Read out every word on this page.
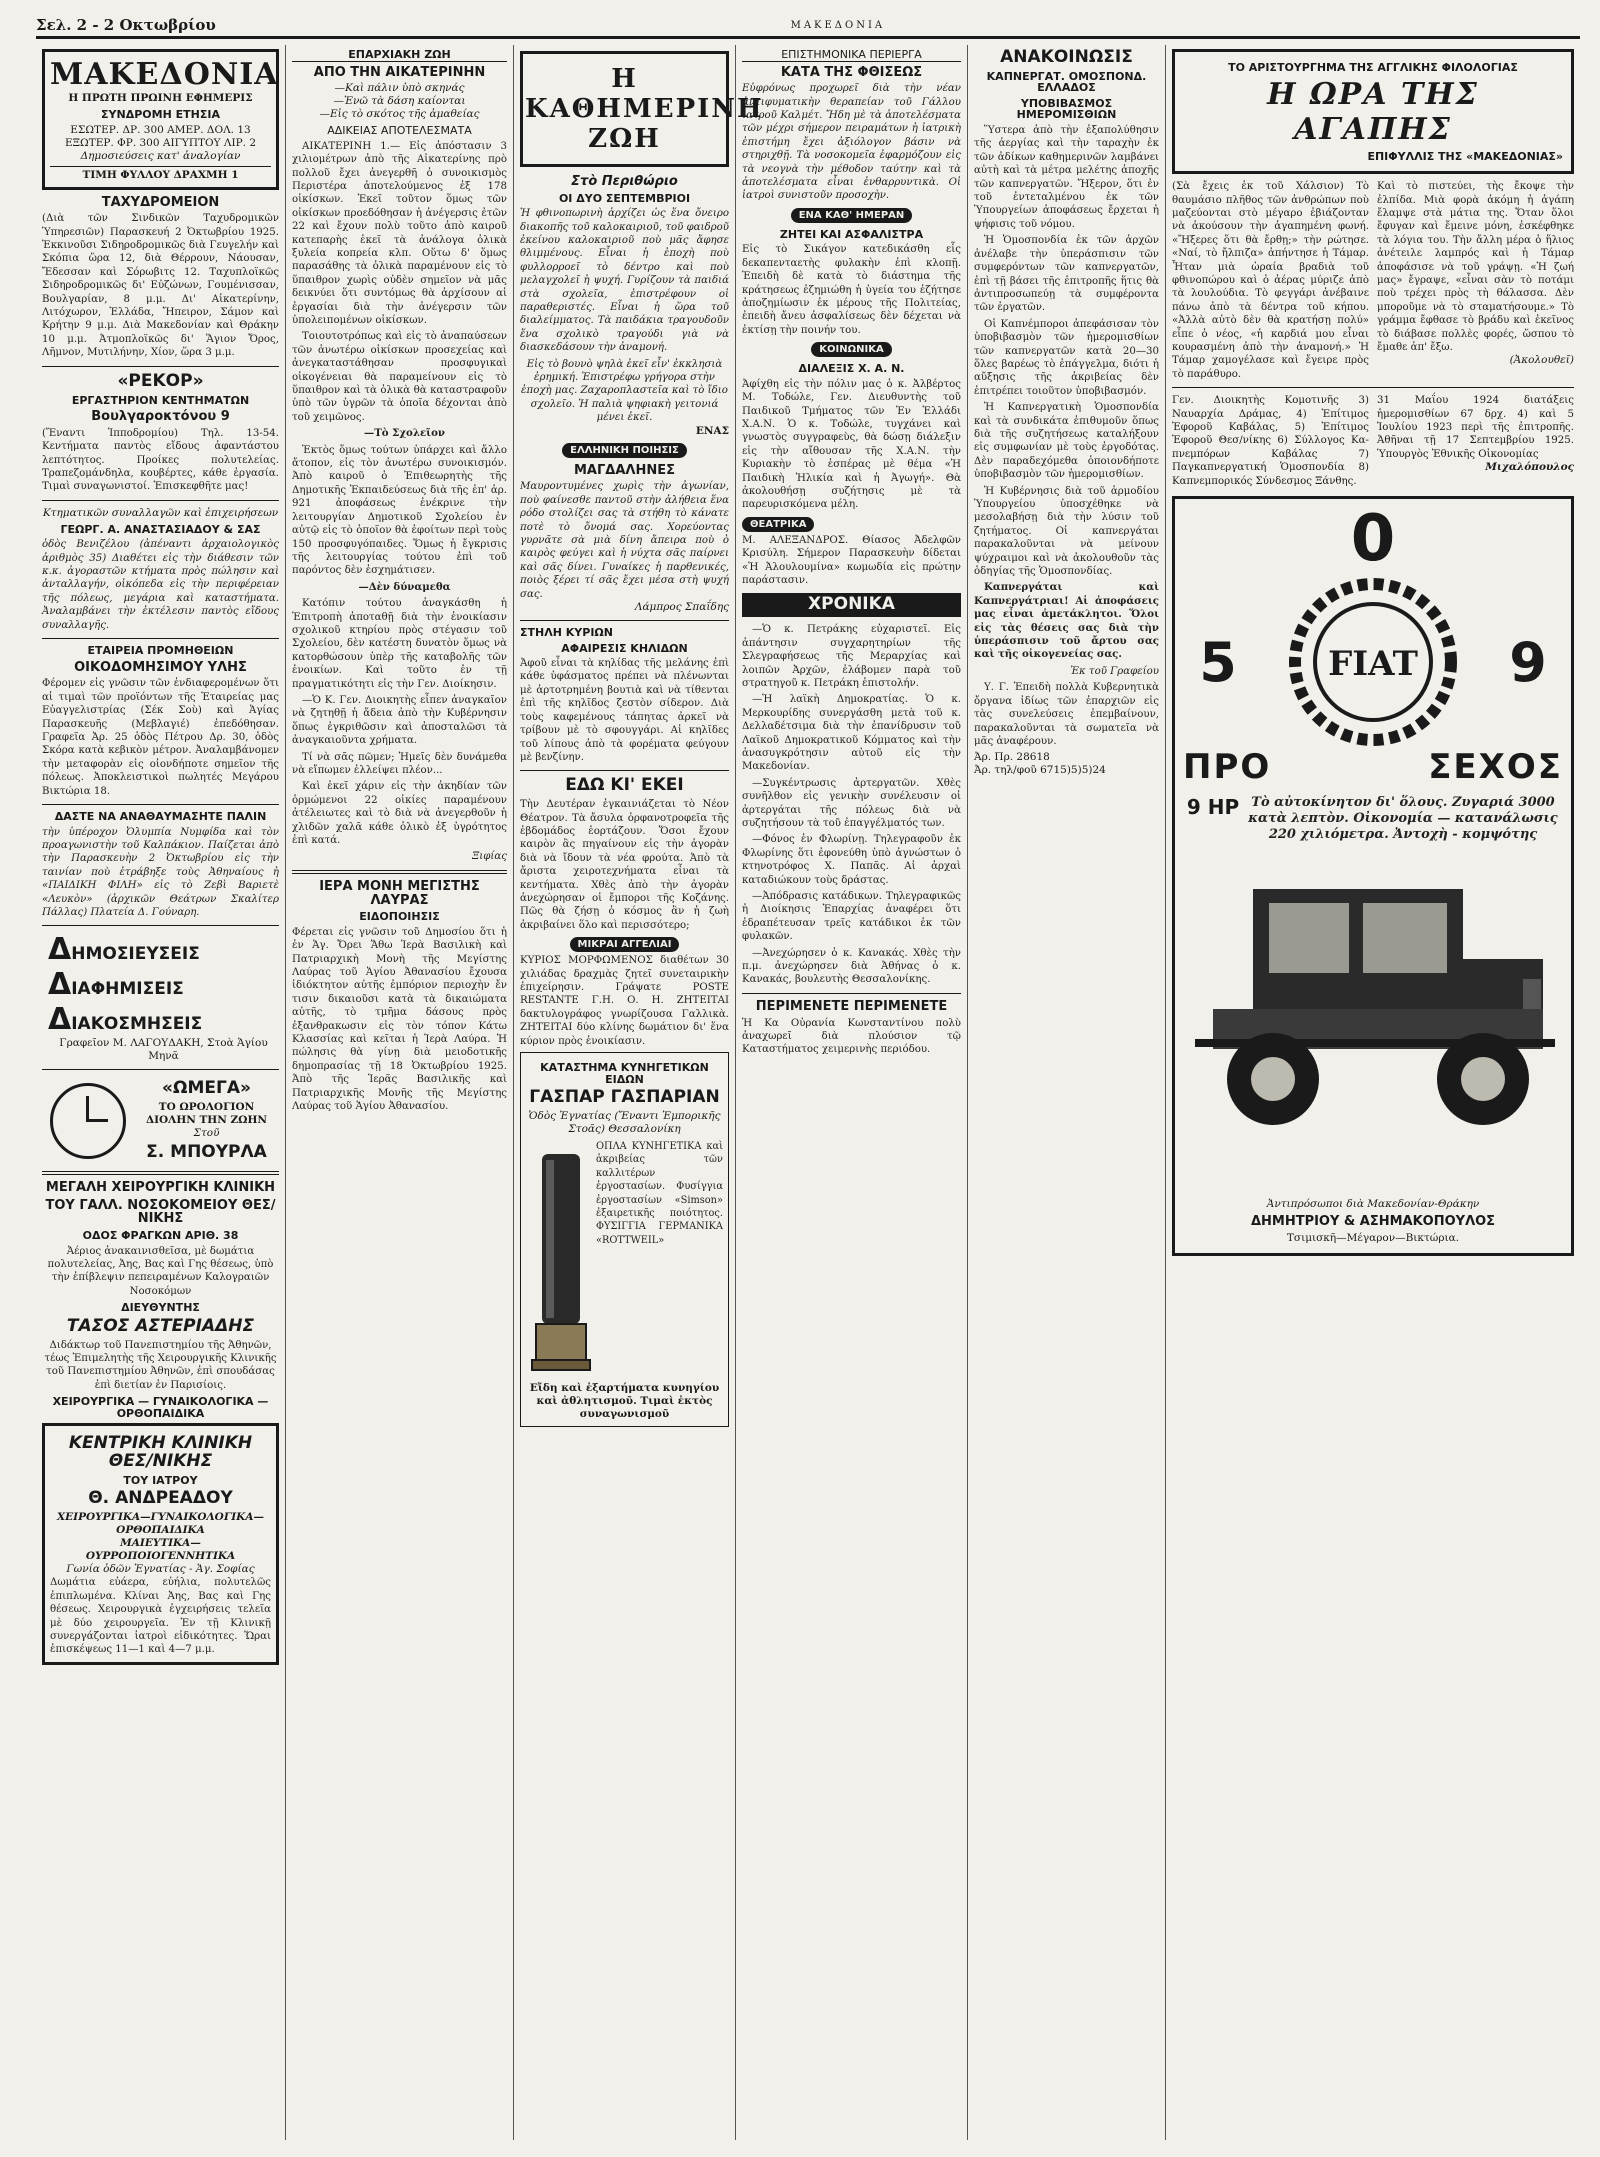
Σελ. 2 - 2 Οκτωβρίου	ΜΑΚΕΔΟΝΙΑ
ΜΑΚΕΔΟΝΙΑ
Η ΠΡΩΤΗ ΠΡΩΙΝΗ ΕΦΗΜΕΡΙΣ
ΣΥΝΔΡΟΜΗ ΕΤΗΣΙΑ
ΕΣΩΤΕΡ. ΔΡ. 300 ΑΜΕΡ. ΔΟΛ. 13
ΕΞΩΤΕΡ. ΦΡ. 300 ΑΙΓΥΠΤΟΥ ΛΙΡ. 2
Δημοσιεύσεις κατ' ἀναλογίαν
ΤΙΜΗ ΦΥΛΛΟΥ ΔΡΑΧΜΗ 1
ΤΑΧΥΔΡΟΜΕΙΟΝ
(Διὰ τῶν Σινδικῶν Ταχυδρομικῶν Ὑπηρεσιῶν) Παρασκευή 2 Ὀκτωβρίου 1925. Ἐκκινοῦσι Σιδηροδρομικῶς διὰ Γευγελήν καὶ Σκόπια ὥρα 12, διὰ Θέρρουν, Νάουσαν, Ἔδεσσαν καὶ Σόρωβιτς 12. Ταχυπλοϊκῶς Σιδηροδρομικῶς δι' Εὐζώνων, Γουμένισσαν, Βουλγαρίαν, 8 μ.μ. Δι' Αἰκατερίνην, Λιτόχωρον, Ἑλλάδα, Ἤπειρον, Σάμον καὶ Κρήτην 9 μ.μ. Διὰ Μακεδονίαν καὶ Θράκην 10 μ.μ. Ἀτμοπλοϊκῶς δι' Ἅγιον Ὄρος, Λῆμνον, Μυτιλήνην, Χίον, ὥρα 3 μ.μ.
«ΡΕΚΟΡ»
ΕΡΓΑΣΤΗΡΙΟΝ ΚΕΝΤΗΜΑΤΩΝ
Βουλγαροκτόνου 9
(Ἔναντι Ἱπποδρομίου) Τηλ. 13-54. Κεντήματα παντὸς εἴδους ἀφαντάστου λεπτότητος. Προίκες πολυτελείας. Τραπεζομάνδηλα, κουβέρτες, κάθε ἐργασία. Τιμαὶ συναγωνιστοί. Ἐπισκεφθῆτε μας!
Κτηματικῶν συναλλαγῶν καὶ ἐπιχειρήσεων
ΓΕΩΡΓ. Α. ΑΝΑΣΤΑΣΙΑΔΟΥ & ΣΑΣ
ὁδὸς Βενιζέλου (ἀπέναντι ἀρχαιολογικὸς ἀριθμὸς 35) Διαθέτει εἰς τὴν διάθεσιν τῶν κ.κ. ἀγοραστῶν κτήματα πρὸς πώλησιν καὶ ἀνταλλαγήν, οἰκόπεδα εἰς τὴν περιφέρειαν τῆς πόλεως, μεγάρια καὶ καταστήματα. Ἀναλαμβάνει τὴν ἐκτέλεσιν παντὸς εἴδους συναλλαγῆς.
ΕΤΑΙΡΕΙΑ ΠΡΟΜΗΘΕΙΩΝ
ΟΙΚΟΔΟΜΗΣΙΜΟΥ ΥΛΗΣ
Φέρομεν εἰς γνῶσιν τῶν ἐνδιαφερομένων ὅτι αἱ τιμαὶ τῶν προϊόντων τῆς Ἑταιρείας μας Εὐαγγελιστρίας (Σέκ Σοὺ) καὶ Ἁγίας Παρασκευῆς (Μεβλαγιέ) ἐπεδόθησαν. Γραφεῖα Ἀρ. 25 ὁδὸς Πέτρου Δρ. 30, ὁδὸς Σκόρα κατὰ κεβικὸν μέτρον. Ἀναλαμβάνομεν τὴν μεταφορὰν εἰς οἱονδήποτε σημεῖον τῆς πόλεως. Ἀποκλειστικοὶ πωλητές Μεγάρου Βικτώρια 18.
ΔΑΣΤΕ ΝΑ ΑΝΑΘΑΥΜΑΣΗΤΕ ΠΑΛΙΝ
τὴν ὑπέροχον Ὀλυμπία Νυμφίδα καὶ τὸν προαγωνιστὴν τοῦ Καλπάκιον. Παίζεται ἀπὸ τὴν Παρασκευὴν 2 Ὀκτωβρίου εἰς τὴν ταινίαν ποὺ ἐτράβηξε τοὺς Ἀθηναίους ἡ «ΠΑΙΔΙΚΗ ΦΙΛΗ» εἰς τὸ Ζεβὶ Βαριετὲ «Λευκὸν» (ἀρχικῶν Θεάτρων Σκαλίτερ Πάλλας) Πλατεία Δ. Γούναρη.
ΔΗΜΟΣΙΕΥΣΕΙΣ
ΔΙΑΦΗΜΙΣΕΙΣ
ΔΙΑΚΟΣΜΗΣΕΙΣ
Γραφεῖον Μ. ΛΑΓΟΥΔΑΚΗ, Στοὰ Ἁγίου Μηνᾶ
«ΩΜΕΓΑ»
ΤΟ ΩΡΟΛΟΓΙΟΝ ΔΙΟΛΗΝ ΤΗΝ ΖΩΗΝ
Στοῦ
Σ. ΜΠΟΥΡΛΑ
ΜΕΓΑΛΗ ΧΕΙΡΟΥΡΓΙΚΗ ΚΛΙΝΙΚΗ
ΤΟΥ ΓΑΛΛ. ΝΟΣΟΚΟΜΕΙΟΥ ΘΕΣ/ΝΙΚΗΣ
ΟΔΟΣ ΦΡΑΓΚΩΝ ΑΡΙΘ. 38
Ἀέριος ἀνακαινισθεῖσα, μὲ δωμάτια πολυτελείας, Ἀης, Βας καὶ Γης θέσεως, ὑπὸ τὴν ἐπίβλεψιν πεπειραμένων Καλογραιῶν Νοσοκόμων
ΔΙΕΥΘΥΝΤΗΣ
ΤΑΣΟΣ ΑΣΤΕΡΙΑΔΗΣ
Διδάκτωρ τοῦ Πανεπιστημίου τῆς Ἀθηνῶν, τέως Ἐπιμελητὴς τῆς Χειρουργικῆς Κλινικῆς τοῦ Πανεπιστημίου Ἀθηνῶν, ἐπὶ σπουδάσας ἐπὶ διετίαν ἐν Παρισίοις.
ΧΕΙΡΟΥΡΓΙΚΑ — ΓΥΝΑΙΚΟΛΟΓΙΚΑ — ΟΡΘΟΠΑΙΔΙΚΑ
ΚΕΝΤΡΙΚΗ ΚΛΙΝΙΚΗ ΘΕΣ/ΝΙΚΗΣ
ΤΟΥ ΙΑΤΡΟΥ
Θ. ΑΝΔΡΕΑΔΟΥ
ΧΕΙΡΟΥΡΓΙΚΑ—ΓΥΝΑΙΚΟΛΟΓΙΚΑ—ΟΡΘΟΠΑΙΔΙΚΑ
ΜΑΙΕΥΤΙΚΑ—ΟΥΡΡΟΠΟΙΟΓΕΝΝΗΤΙΚΑ
Γωνία ὁδῶν Ἐγνατίας - Ἁγ. Σοφίας
Δωμάτια εὐάερα, εὐήλια, πολυτελῶς ἐπιπλωμένα. Κλίναι Ἀης, Βας καὶ Γης θέσεως. Χειρουργικὰ ἐγχειρήσεις τελεῖα μὲ δύο χειρουργεῖα. Ἐν τῇ Κλινικῇ συνεργάζονται ἰατροὶ εἰδικότητες. Ὥραι ἐπισκέψεως 11—1 καὶ 4—7 μ.μ.
ΕΠΑΡΧΙΑΚΗ ΖΩΗ
ΑΠΟ ΤΗΝ ΑΙΚΑΤΕΡΙΝΗΝ
—Καὶ πάλιν ὑπὸ σκηνάς
—Ἐνῶ τὰ δάση καίονται
—Εἰς τὸ σκότος τῆς ἀμαθείας
ΑΔΙΚΕΙΑΣ ΑΠΟΤΕΛΕΣΜΑΤΑ

ΑΙΚΑΤΕΡΙΝΗ 1.— Εἰς ἀπόστασιν 3 χιλιομέτρων ἀπὸ τῆς Αἰκατερίνης πρὸ πολλοῦ ἔχει ἀνεγερθῆ ὁ συνοικισμὸς Περιστέρα ἀποτελούμενος ἐξ 178 οἰκίσκων. Ἐκεῖ τοῦτον ὅμως τῶν οἰκίσκων προεδόθησαν ἡ ἀνέγερσις ἐτῶν 22 καὶ ἔχουν πολὺ τοῦτο ἀπὸ καιροῦ κατεπαρὴς ἐκεῖ τὰ ἀνάλογα ὀλικὰ ξυλεία κοπρεία κλπ. Οὕτω δ' ὅμως παρασάθης τὰ ὀλικὰ παραμένουν εἰς τὸ ὕπαιθρον χωρὶς οὐδὲν σημεῖον νὰ μᾶς δεικνύει ὅτι συντόμως θὰ ἀρχίσουν αἱ ἐργασίαι διὰ τὴν ἀνέγερσιν τῶν ὑπολειπομένων οἰκίσκων.

Τοιουτοτρόπως καὶ εἰς τὸ ἀναπαύσεων τῶν ἀνωτέρω οἰκίσκων προσεχείας καὶ ἀνεγκαταστάθησαν προσφυγικαὶ οἰκογένειαι θὰ παραμείνουν εἰς τὸ ὕπαιθρον καὶ τὰ ὀλικὰ θὰ καταστραφοῦν ὑπὸ τῶν ὑγρῶν τὰ ὁποῖα δέχονται ἀπὸ τοῦ χειμῶνος.

—Τὸ Σχολεῖον

Ἐκτὸς ὅμως τούτων ὑπάρχει καὶ ἄλλο ἄτοπον, εἰς τὸν ἀνωτέρω συνοικισμόν. Ἀπὸ καιροῦ ὁ Ἐπιθεωρητὴς τῆς Δημοτικῆς Ἐκπαιδεύσεως διὰ τῆς ἐπ' ἀρ. 921 ἀποφάσεως ἐνέκρινε τὴν λειτουργίαν Δημοτικοῦ Σχολείου ἐν αὐτῷ εἰς τὸ ὁποῖον θὰ ἐφοίτων περὶ τοὺς 150 προσφυγόπαιδες. Ὅμως ἡ ἔγκρισις τῆς λειτουργίας τούτου ἐπὶ τοῦ παρόντος δὲν ἐσχημάτισεν.

—Δὲν δύναμεθα

Κατόπιν τούτου ἀναγκάσθη ἡ Ἐπιτροπὴ ἀποταθῇ διὰ τὴν ἐνοικίασιν σχολικοῦ κτηρίου πρὸς στέγασιν τοῦ Σχολείου, δὲν κατέστη δυνατὸν ὅμως νὰ κατορθώσουν ὑπὲρ τῆς καταβολῆς τῶν ἐνοικίων. Καὶ τοῦτο ἐν τῇ πραγματικότητι εἰς τὴν Γεν. Διοίκησιν.

—Ὁ Κ. Γεν. Διοικητὴς εἶπεν ἀναγκαῖον νὰ ζητηθῇ ἡ ἄδεια ἀπὸ τὴν Κυβέρνησιν ὅπως ἐγκριθῶσιν καὶ ἀποσταλῶσι τὰ ἀναγκαιοῦντα χρήματα.

Τί νὰ σᾶς πῶμεν; Ἡμεῖς δὲν δυνάμεθα νὰ εἴπωμεν ἐλλείψει πλέον...

Καὶ ἐκεῖ χάριν εἰς τὴν ἀκηδίαν τῶν ὁρμώμενοι 22 οἰκίες παραμένουν ἀτέλειωτες καὶ τὸ διὰ νὰ ἀνεγερθοῦν ἡ χλιδῶν χαλᾶ κάθε ὀλικὸ ἐξ ὑγρότητος ἐπὶ κατά.

Ξιφίας

ΙΕΡΑ ΜΟΝΗ ΜΕΓΙΣΤΗΣ ΛΑΥΡΑΣ
ΕΙΔΟΠΟΙΗΣΙΣ
Φέρεται εἰς γνῶσιν τοῦ Δημοσίου ὅτι ἡ ἐν Ἁγ. Ὄρει Ἄθω Ἱερὰ Βασιλικὴ καὶ Πατριαρχικὴ Μονὴ τῆς Μεγίστης Λαύρας τοῦ Ἁγίου Ἀθανασίου ἔχουσα ἰδιόκτητον αὐτῆς ἐμπόριον περιοχὴν ἔν τισιν δικαιοῦσι κατὰ τὰ δικαιώματα αὐτῆς, τὸ τμῆμα δάσους πρὸς ἐξανθρακωσιν εἰς τὸν τόπον Κάτω Κλασσίας καὶ κεῖται ἡ Ἱερὰ Λαύρα. Ἡ πώλησις θὰ γίνῃ διὰ μειοδοτικῆς δημοπρασίας τῇ 18 Ὀκτωβρίου 1925. Ἀπὸ τῆς Ἱερᾶς Βασιλικῆς καὶ Πατριαρχικῆς Μονῆς τῆς Μεγίστης Λαύρας τοῦ Ἁγίου Ἀθανασίου.
Η ΚΑΘΗΜΕΡΙΝΗ ΖΩΗ
Στὸ Περιθώριο
ΟΙ ΔΥΟ ΣΕΠΤΕΜΒΡΙΟΙ
Ἡ φθινοπωρινὴ ἀρχίζει ὡς ἕνα ὄνειρο διακοπῆς τοῦ καλοκαιριοῦ, τοῦ φαιδροῦ ἐκείνου καλοκαιριοῦ ποὺ μᾶς ἄφησε θλιμμένους. Εἶναι ἡ ἐποχὴ ποὺ φυλλορροεῖ τὸ δέντρο καὶ ποὺ μελαγχολεῖ ἡ ψυχή. Γυρίζουν τὰ παιδιά στὰ σχολεῖα, ἐπιστρέφουν οἱ παραθεριστές. Εἶναι ἡ ὥρα τοῦ διαλείμματος. Τὰ παιδάκια τραγουδοῦν ἕνα σχολικὸ τραγούδι γιὰ νὰ διασκεδάσουν τὴν ἀναμονή.
Εἰς τὸ βουνὸ ψηλὰ ἐκεῖ εἶν' ἐκκλησιὰ ἐρημική. Ἐπιστρέφω γρήγορα στὴν ἐποχὴ μας. Ζαχαροπλαστεῖα καὶ τὸ ἴδιο σχολεῖο. Ἡ παλιὰ ψηφιακὴ γειτονιά μένει ἐκεῖ.
ΕΝΑΣ
ΕΛΛΗΝΙΚΗ ΠΟΙΗΣΙΣ
ΜΑΓΔΑΛΗΝΕΣ
Μαυροντυμένες χωρὶς τὴν ἀγωνίαν, ποὺ φαίνεσθε παντοῦ στὴν ἀλήθεια ἕνα ρόδο στολίζει σας τὰ στήθη τὸ κάνατε ποτὲ τὸ ὄνομά σας. Χορεύοντας γυρνᾶτε σὰ μιὰ δίνη ἄπειρα ποὺ ὁ καιρὸς φεύγει καὶ ἡ νύχτα σᾶς παίρνει καὶ σᾶς δίνει. Γυναίκες ἡ παρθενικές, ποιὸς ξέρει τί σᾶς ἔχει μέσα στὴ ψυχή σας.
Λάμπρος Σπαΐδης
ΣΤΗΛΗ ΚΥΡΙΩΝ
ΑΦΑΙΡΕΣΙΣ ΚΗΛΙΔΩΝ
Ἀφοῦ εἶναι τὰ κηλίδας τῆς μελάνης ἐπὶ κάθε ὑφάσματος πρέπει νὰ πλένωνται μὲ ἀρτοτρημένη βουτιὰ καὶ νὰ τίθενται ἐπὶ τῆς κηλῖδος ζεστὸν σίδερον. Διὰ τοὺς καφεμένους τάπητας ἀρκεῖ νὰ τρίβουν μὲ τὸ σφουγγάρι. Αἱ κηλῖδες τοῦ λίπους ἀπὸ τὰ φορέματα φεύγουν μὲ βενζίνην.
ΕΔΩ ΚΙ' ΕΚΕΙ
Τὴν Δευτέραν ἐγκαινιάζεται τὸ Νέον Θέατρον. Τὰ ἄσυλα ὀρφανοτροφεῖα τῆς ἐβδομάδος ἑορτάζουν. Ὅσοι ἔχουν καιρὸν ἂς πηγαίνουν εἰς τὴν ἀγορὰν διὰ νὰ ἴδουν τὰ νέα φρούτα. Ἀπὸ τὰ ἄριστα χειροτεχνήματα εἶναι τὰ κεντήματα. Χθὲς ἀπὸ τὴν ἀγορὰν ἀνεχώρησαν οἱ ἔμποροι τῆς Κοζάνης. Πῶς θὰ ζήσῃ ὁ κόσμος ἂν ἡ ζωὴ ἀκριβαίνει ὅλο καὶ περισσότερο;
ΜΙΚΡΑΙ ΑΓΓΕΛΙΑΙ
ΚΥΡΙΟΣ ΜΟΡΦΩΜΕΝΟΣ διαθέτων 30 χιλιάδας δραχμὰς ζητεῖ συνεταιρικὴν ἐπιχείρησιν. Γράψατε POSTE RESTANTE Γ.Η. Ο. Η. ΖΗΤΕΙΤΑΙ δακτυλογράφος γνωρίζουσα Γαλλικὰ. ΖΗΤΕΙΤΑΙ δύο κλίνης δωμάτιον δι' ἕνα κύριον πρὸς ἐνοικίασιν.
ΚΑΤΑΣΤΗΜΑ ΚΥΝΗΓΕΤΙΚΩΝ ΕΙΔΩΝ
ΓΑΣΠΑΡ ΓΑΣΠΑΡΙΑΝ
Ὁδὸς Ἐγνατίας (Ἔναντι Ἐμπορικῆς Στοᾶς) Θεσσαλονίκη
ΟΠΛΑ ΚΥΝΗΓΕΤΙΚΑ καὶ ἀκριβείας τῶν καλλιτέρων ἐργοστασίων. Φυσίγγια ἐργοστασίων «Simson» ἐξαιρετικῆς ποιότητος. ΦΥΣΙΓΓΙΑ ΓΕΡΜΑΝΙΚΑ «ROTTWEIL»
Εἴδη καὶ ἐξαρτήματα κυνηγίου καὶ ἀθλητισμοῦ. Τιμαὶ ἐκτὸς συναγωνισμοῦ
ΕΠΙΣΤΗΜΟΝΙΚΑ ΠΕΡΙΕΡΓΑ
ΚΑΤΑ ΤΗΣ ΦΘΙΣΕΩΣ
Εὐφρόνως προχωρεῖ διὰ τὴν νέαν ἀντιφυματικὴν θεραπείαν τοῦ Γάλλου ἰατροῦ Καλμέτ. Ἤδη μὲ τὰ ἀποτελέσματα τῶν μέχρι σήμερον πειραμάτων ἡ ἰατρικὴ ἐπιστήμη ἔχει ἀξιόλογον βάσιν νὰ στηριχθῇ. Τὰ νοσοκομεῖα ἐφαρμόζουν εἰς τὰ νεογνὰ τὴν μέθοδον ταύτην καὶ τὰ ἀποτελέσματα εἶναι ἐνθαρρυντικὰ. Οἱ ἰατροὶ συνιστοῦν προσοχὴν.
ΕΝΑ ΚΑΘ' ΗΜΕΡΑΝ
ΖΗΤΕΙ ΚΑΙ ΑΣΦΑΛΙΣΤΡΑ
Εἰς τὸ Σικάγον κατεδικάσθη εἷς δεκαπενταετὴς φυλακὴν ἐπὶ κλοπῇ. Ἐπειδὴ δὲ κατὰ τὸ διάστημα τῆς κράτησεως ἐζημιώθη ἡ ὑγεία του ἐζήτησε ἀποζημίωσιν ἐκ μέρους τῆς Πολιτείας, ἐπειδὴ ἄνευ ἀσφαλίσεως δὲν δέχεται νὰ ἐκτίσῃ τὴν ποινήν του.
ΚΟΙΝΩΝΙΚΑ
ΔΙΑΛΕΞΙΣ Χ. Α. Ν.
Ἀφίχθη εἰς τὴν πόλιν μας ὁ κ. Ἀλβέρτος Μ. Τοδώλε, Γεν. Διευθυντὴς τοῦ Παιδικοῦ Τμήματος τῶν Ἐν Ἑλλάδι Χ.Α.Ν. Ὁ κ. Τοδώλε, τυγχάνει καὶ γνωστὸς συγγραφεὺς, θὰ δώσῃ διάλεξιν εἰς τὴν αἴθουσαν τῆς Χ.Α.Ν. τὴν Κυριακὴν τὸ ἑσπέρας μὲ θέμα «Ἡ Παιδικὴ Ἡλικία καὶ ἡ Ἀγωγή». Θὰ ἀκολουθήσῃ συζήτησις μὲ τὰ παρευρισκόμενα μέλη.
ΘΕΑΤΡΙΚΑ
Μ. ΑΛΕΞΑΝΔΡΟΣ. Θίασος Ἀδελφῶν Κρισύλη. Σήμερον Παρασκευὴν δίδεται «Ἡ Ἀλουλουμίνα» κωμωδία εἰς πρώτην παράστασιν.
ΧΡΟΝΙΚΑ

—Ὁ κ. Πετράκης εὐχαριστεῖ. Εἰς ἀπάντησιν συγχαρητηρίων τῆς Σλεγραφήσεως τῆς Μεραρχίας καὶ λοιπῶν Ἀρχῶν, ἐλάβομεν παρὰ τοῦ στρατηγοῦ κ. Πετράκη ἐπιστολήν.

—Ἡ λαϊκὴ Δημοκρατίας. Ὁ κ. Μερκουρίδης συνεργάσθη μετὰ τοῦ κ. Δελλαδέτσιμα διὰ τὴν ἐπανίδρυσιν τοῦ Λαϊκοῦ Δημοκρατικοῦ Κόμματος καὶ τὴν ἀνασυγκρότησιν αὐτοῦ εἰς τὴν Μακεδονίαν.

—Συγκέντρωσις ἀρτεργατῶν. Χθὲς συνῆλθον εἰς γενικὴν συνέλευσιν οἱ ἀρτεργάται τῆς πόλεως διὰ νὰ συζητήσουν τὰ τοῦ ἐπαγγέλματός των.

—Φόνος ἐν Φλωρίνῃ. Τηλεγραφοῦν ἐκ Φλωρίνης ὅτι ἐφονεύθη ὑπὸ ἀγνώστων ὁ κτηνοτρόφος Χ. Παπᾶς. Αἱ ἀρχαὶ καταδιώκουν τοὺς δράστας.

—Ἀπόδρασις κατάδικων. Τηλεγραφικῶς ἡ Διοίκησις Ἐπαρχίας ἀναφέρει ὅτι ἐδραπέτευσαν τρεῖς κατάδικοι ἐκ τῶν φυλακῶν.

—Ἀνεχώρησεν ὁ κ. Κανακάς. Χθὲς τὴν π.μ. ἀνεχώρησεν διὰ Ἀθήνας ὁ κ. Κανακάς, βουλευτὴς Θεσσαλονίκης.

ΠΕΡΙΜΕΝΕΤΕ ΠΕΡΙΜΕΝΕΤΕ
Ἡ Κα Οὐρανία Κωνσταντίνου πολὺ ἀναχωρεῖ διὰ πλούσιον τῷ Καταστήματος χειμερινὴς περιόδου.
ΑΝΑΚΟΙΝΩΣΙΣ
ΚΑΠΝΕΡΓΑΤ. ΟΜΟΣΠΟΝΔ. ΕΛΛΑΔΟΣ
ΥΠΟΒΙΒΑΣΜΟΣ ΗΜΕΡΟΜΙΣΘΙΩΝ

Ὕστερα ἀπὸ τὴν ἐξαπολύθησιν τῆς ἀεργίας καὶ τὴν ταραχὴν ἐκ τῶν ἀδίκων καθημερινῶν λαμβάνει αὐτὴ καὶ τὰ μέτρα μελέτης ἀποχῆς τῶν καπνεργατῶν. Ἤξερον, ὅτι ἐν τοῦ ἐντεταλμένου ἐκ τῶν Ὑπουργείων ἀποφάσεως ἔρχεται ἡ ψήφισις τοῦ νόμου.

Ἡ Ὁμοσπονδία ἐκ τῶν ἀρχῶν ἀνέλαβε τὴν ὑπεράσπισιν τῶν συμφερόντων τῶν καπνεργατῶν, ἐπὶ τῇ βάσει τῆς ἐπιτροπῆς ἥτις θὰ ἀντιπροσωπεύῃ τὰ συμφέροντα τῶν ἐργατῶν.

Οἱ Καπνέμποροι ἀπεφάσισαν τὸν ὑποβιβασμὸν τῶν ἡμερομισθίων τῶν καπνεργατῶν κατὰ 20—30 ὅλες βαρέως τὸ ἐπάγγελμα, διότι ἡ αὔξησις τῆς ἀκριβείας δὲν ἐπιτρέπει τοιοῦτον ὑποβιβασμόν.

Ἡ Καπνεργατικὴ Ὁμοσπονδία καὶ τὰ συνδικάτα ἐπιθυμοῦν ὅπως διὰ τῆς συζητήσεως καταλήξουν εἰς συμφωνίαν μὲ τοὺς ἐργοδότας. Δὲν παραδεχόμεθα ὁποιονδήποτε ὑποβιβασμὸν τῶν ἡμερομισθίων.

Ἡ Κυβέρνησις διὰ τοῦ ἁρμοδίου Ὑπουργείου ὑποσχέθηκε νὰ μεσολαβήσῃ διὰ τὴν λύσιν τοῦ ζητήματος. Οἱ καπνεργάται παρακαλοῦνται νὰ μείνουν ψύχραιμοι καὶ νὰ ἀκολουθοῦν τὰς ὁδηγίας τῆς Ὁμοσπονδίας.

Καπνεργάται καὶ Καπνεργάτριαι! Αἱ ἀποφάσεις μας εἶναι ἀμετάκλητοι. Ὅλοι εἰς τὰς θέσεις σας διὰ τὴν ὑπεράσπισιν τοῦ ἄρτου σας καὶ τῆς οἰκογενείας σας.

Ἐκ τοῦ Γραφείου

Υ. Γ. Ἐπειδὴ πολλὰ Κυβερνητικὰ ὄργανα ἰδίως τῶν ἐπαρχιῶν εἰς τὰς συνελεύσεις ἐπεμβαίνουν, παρακαλοῦνται τὰ σωματεῖα νὰ μᾶς ἀναφέρουν.

Ἀρ. Πρ. 28618
Ἀρ. τηλ/φοῦ 6715)5)5)24
ΤΟ ΑΡΙΣΤΟΥΡΓΗΜΑ ΤΗΣ ΑΓΓΛΙΚΗΣ ΦΙΛΟΛΟΓΙΑΣ
Η ΩΡΑ ΤΗΣ ΑΓΑΠΗΣ
ΕΠΙΦΥΛΛΙΣ ΤΗΣ «ΜΑΚΕΔΟΝΙΑΣ»
(Σὰ ἔχεις ἐκ τοῦ Χάλσιον) Τὸ θαυμάσιο πλῆθος τῶν ἀνθρώπων ποὺ μαζεύονται στὸ μέγαρο ἐβιάζονταν νὰ ἀκούσουν τὴν ἀγαπημένη φωνή. «Ἤξερες ὅτι θὰ ἔρθῃ;» τὴν ρώτησε. «Ναί, τὸ ἤλπιζα» ἀπήντησε ἡ Τάμαρ. Ἦταν μιὰ ὡραία βραδιὰ τοῦ φθινοπώρου καὶ ὁ ἀέρας μύριζε ἀπὸ τὰ λουλούδια. Τὸ φεγγάρι ἀνέβαινε πάνω ἀπὸ τὰ δέντρα τοῦ κήπου. «Ἀλλὰ αὐτὸ δὲν θὰ κρατήσῃ πολύ» εἶπε ὁ νέος, «ἡ καρδιά μου εἶναι κουρασμένη ἀπὸ τὴν ἀναμονή.» Ἡ Τάμαρ χαμογέλασε καὶ ἔγειρε πρὸς τὸ παράθυρο.
Καὶ τὸ πιστεύει, τὴς ἔκοψε τὴν ἐλπίδα. Μιὰ φορὰ ἀκόμη ἡ ἀγάπη ἔλαμψε στὰ μάτια της. Ὅταν ὅλοι ἔφυγαν καὶ ἔμεινε μόνη, ἐσκέφθηκε τὰ λόγια του. Τὴν ἄλλη μέρα ὁ ἥλιος ἀνέτειλε λαμπρός καὶ ἡ Τάμαρ ἀποφάσισε νὰ τοῦ γράψῃ. «Ἡ ζωή μας» ἔγραψε, «εἶναι σὰν τὸ ποτάμι ποὺ τρέχει πρὸς τὴ θάλασσα. Δὲν μποροῦμε νὰ τὸ σταματήσουμε.» Τὸ γράμμα ἔφθασε τὸ βράδυ καὶ ἐκεῖνος τὸ διάβασε πολλὲς φορές, ὥσπου τὸ ἔμαθε ἀπ' ἔξω.
(Ἀκολουθεῖ)
Γεν. Διοικητὴς Κομοτινῆς 3) Ναυαρχία Δράμας, 4) Ἐπίτιμος Ἐφοροῦ Καβάλας, 5) Ἐπίτιμος Ἐφοροῦ Θεσ/νίκης 6) Σύλλογος Καπνεμπόρων Καβάλας 7) Παγκαπνεργατική Ὁμοσπονδία 8) Καπνεμπορικός Σύνδεσμος Ξάνθης.
31 Μαΐου 1924 διατάξεις ἡμερομισθίων 67 δρχ. 4) καὶ 5 Ἰουλίου 1923 περὶ τῆς ἐπιτροπῆς. Ἀθῆναι τῇ 17 Σεπτεμβρίου 1925. Ὑπουργὸς Ἐθνικῆς Οἰκονομίας
Μιχαλόπουλος
0
5	FIAT	9
ΠΡΟ	ΣΕΧΟΣ
9 HP Τὸ αὐτοκίνητον δι' ὅλους. Ζυγαριά 3000 κατὰ λεπτὸν. Οἰκονομία — κατανάλωσις 220 χιλιόμετρα. Ἀντοχὴ - κομψότης
Ἀντιπρόσωποι διὰ Μακεδονίαν-Θράκην
ΔΗΜΗΤΡΙΟΥ & ΑΣΗΜΑΚΟΠΟΥΛΟΣ
Τσιμισκῆ—Μέγαρον—Βικτώρια.
